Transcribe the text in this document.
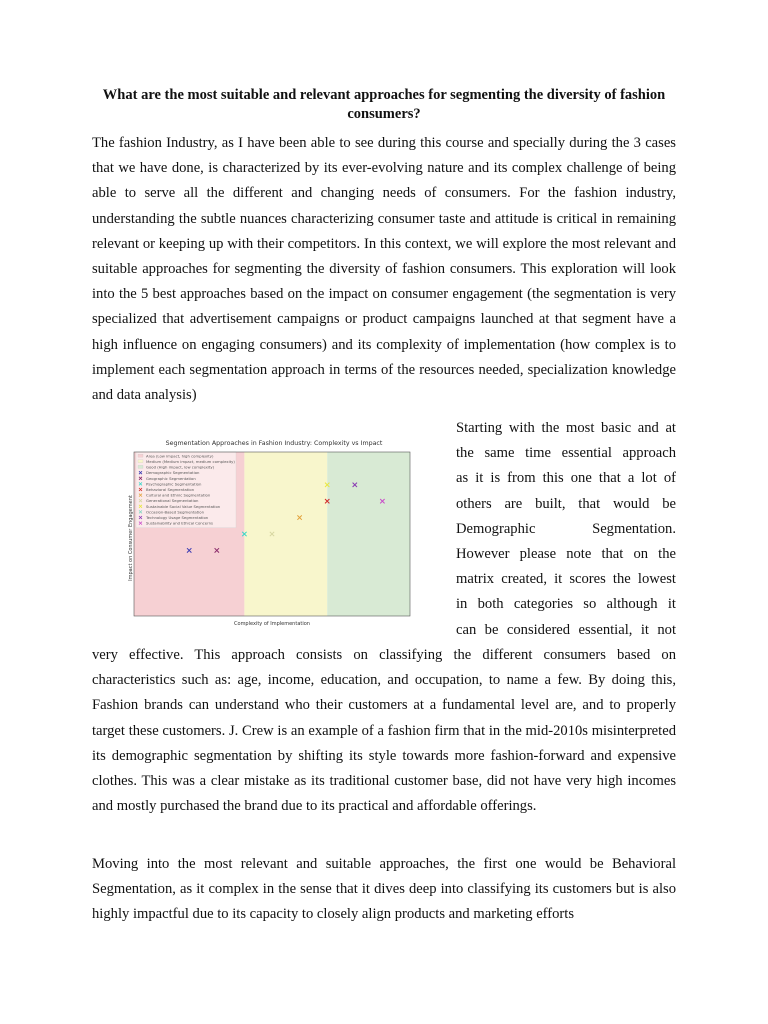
What are the most suitable and relevant approaches for segmenting the diversity of fashion consumers?

The fashion Industry, as I have been able to see during this course and specially during the 3 cases that we have done, is characterized by its ever-evolving nature and its complex challenge of being able to serve all the different and changing needs of consumers. For the fashion industry, understanding the subtle nuances characterizing consumer taste and attitude is critical in remaining relevant or keeping up with their competitors. In this context, we will explore the most relevant and suitable approaches for segmenting the diversity of fashion consumers. This exploration will look into the 5 best approaches based on the impact on consumer engagement (the segmentation is very specialized that advertisement campaigns or product campaigns launched at that segment have a high influence on engaging consumers) and its complexity of implementation (how complex is to implement each segmentation approach in terms of the resources needed, specialization knowledge and data analysis)

Segmentation Approaches in Fashion Industry: Complexity vs Impact
Complexity of Implementation
Impact on Consumer Engagement
Area (Low impact, high complexity)
Medium (Medium impact, medium complexity)
Good (High impact, low complexity)
Demographic Segmentation
Geographic Segmentation
Psychographic Segmentation
Behavioral Segmentation
Cultural and Ethnic Segmentation
Generational Segmentation
Sustainable Social Value Segmentation
Occasion-Based Segmentation
Technology Usage Segmentation
Sustainability and Ethical Concerns
Starting with the most basic and at
the same time essential approach
as it is from this one that a lot of
others are built, that would be
Demographic Segmentation.
However please note that on the
matrix created, it scores the lowest
in both categories so although it
can be considered essential, it not

very effective. This approach consists on classifying the different consumers based on characteristics such as: age, income, education, and occupation, to name a few. By doing this, Fashion brands can understand who their customers at a fundamental level are, and to properly target these customers. J. Crew is an example of a fashion firm that in the mid-2010s misinterpreted its demographic segmentation by shifting its style towards more fashion-forward and expensive clothes. This was a clear mistake as its traditional customer base, did not have very high incomes and mostly purchased the brand due to its practical and affordable offerings.

Moving into the most relevant and suitable approaches, the first one would be Behavioral Segmentation, as it complex in the sense that it dives deep into classifying its customers but is also highly impactful due to its capacity to closely align products and marketing efforts
